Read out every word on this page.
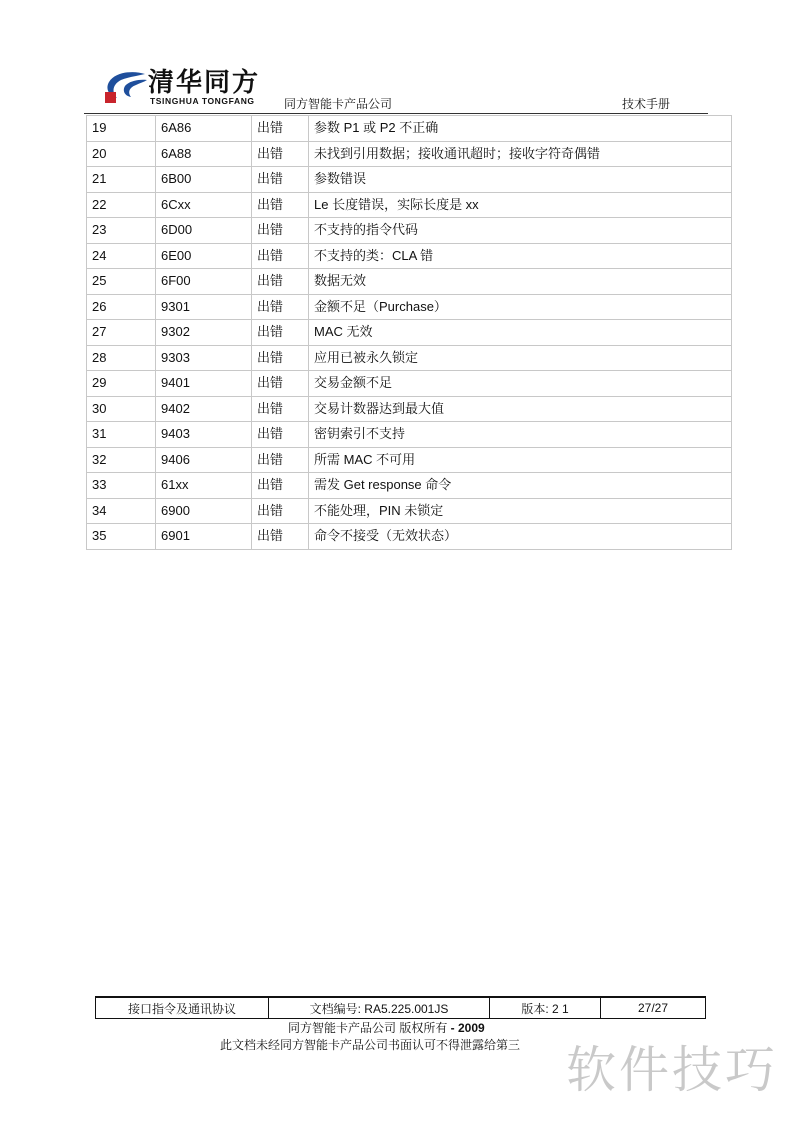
清华同方
TSINGHUA TONGFANG 同方智能卡产品公司	技术手册
19	6A86	出错	参数 P1 或 P2 不正确
20	6A88	出错	未找到引用数据；接收通讯超时；接收字符奇偶错
21	6B00	出错	参数错误
22	6Cxx	出错	Le 长度错误，实际长度是 xx
23	6D00	出错	不支持的指令代码
24	6E00	出错	不支持的类：CLA 错
25	6F00	出错	数据无效
26	9301	出错	金额不足（Purchase）
27	9302	出错	MAC 无效
28	9303	出错	应用已被永久锁定
29	9401	出错	交易金额不足
30	9402	出错	交易计数器达到最大值
31	9403	出错	密钥索引不支持
32	9406	出错	所需 MAC 不可用
33	61xx	出错	需发 Get response 命令
34	6900	出错	不能处理，PIN 未锁定
35	6901	出错	命令不接受（无效状态）
接口指令及通讯协议	文档编号: RA5.225.001JS	版本: 2 1	27/27
同方智能卡产品公司 版权所有 - 2009
此文档未经同方智能卡产品公司书面认可不得泄露给第三 软件技巧
